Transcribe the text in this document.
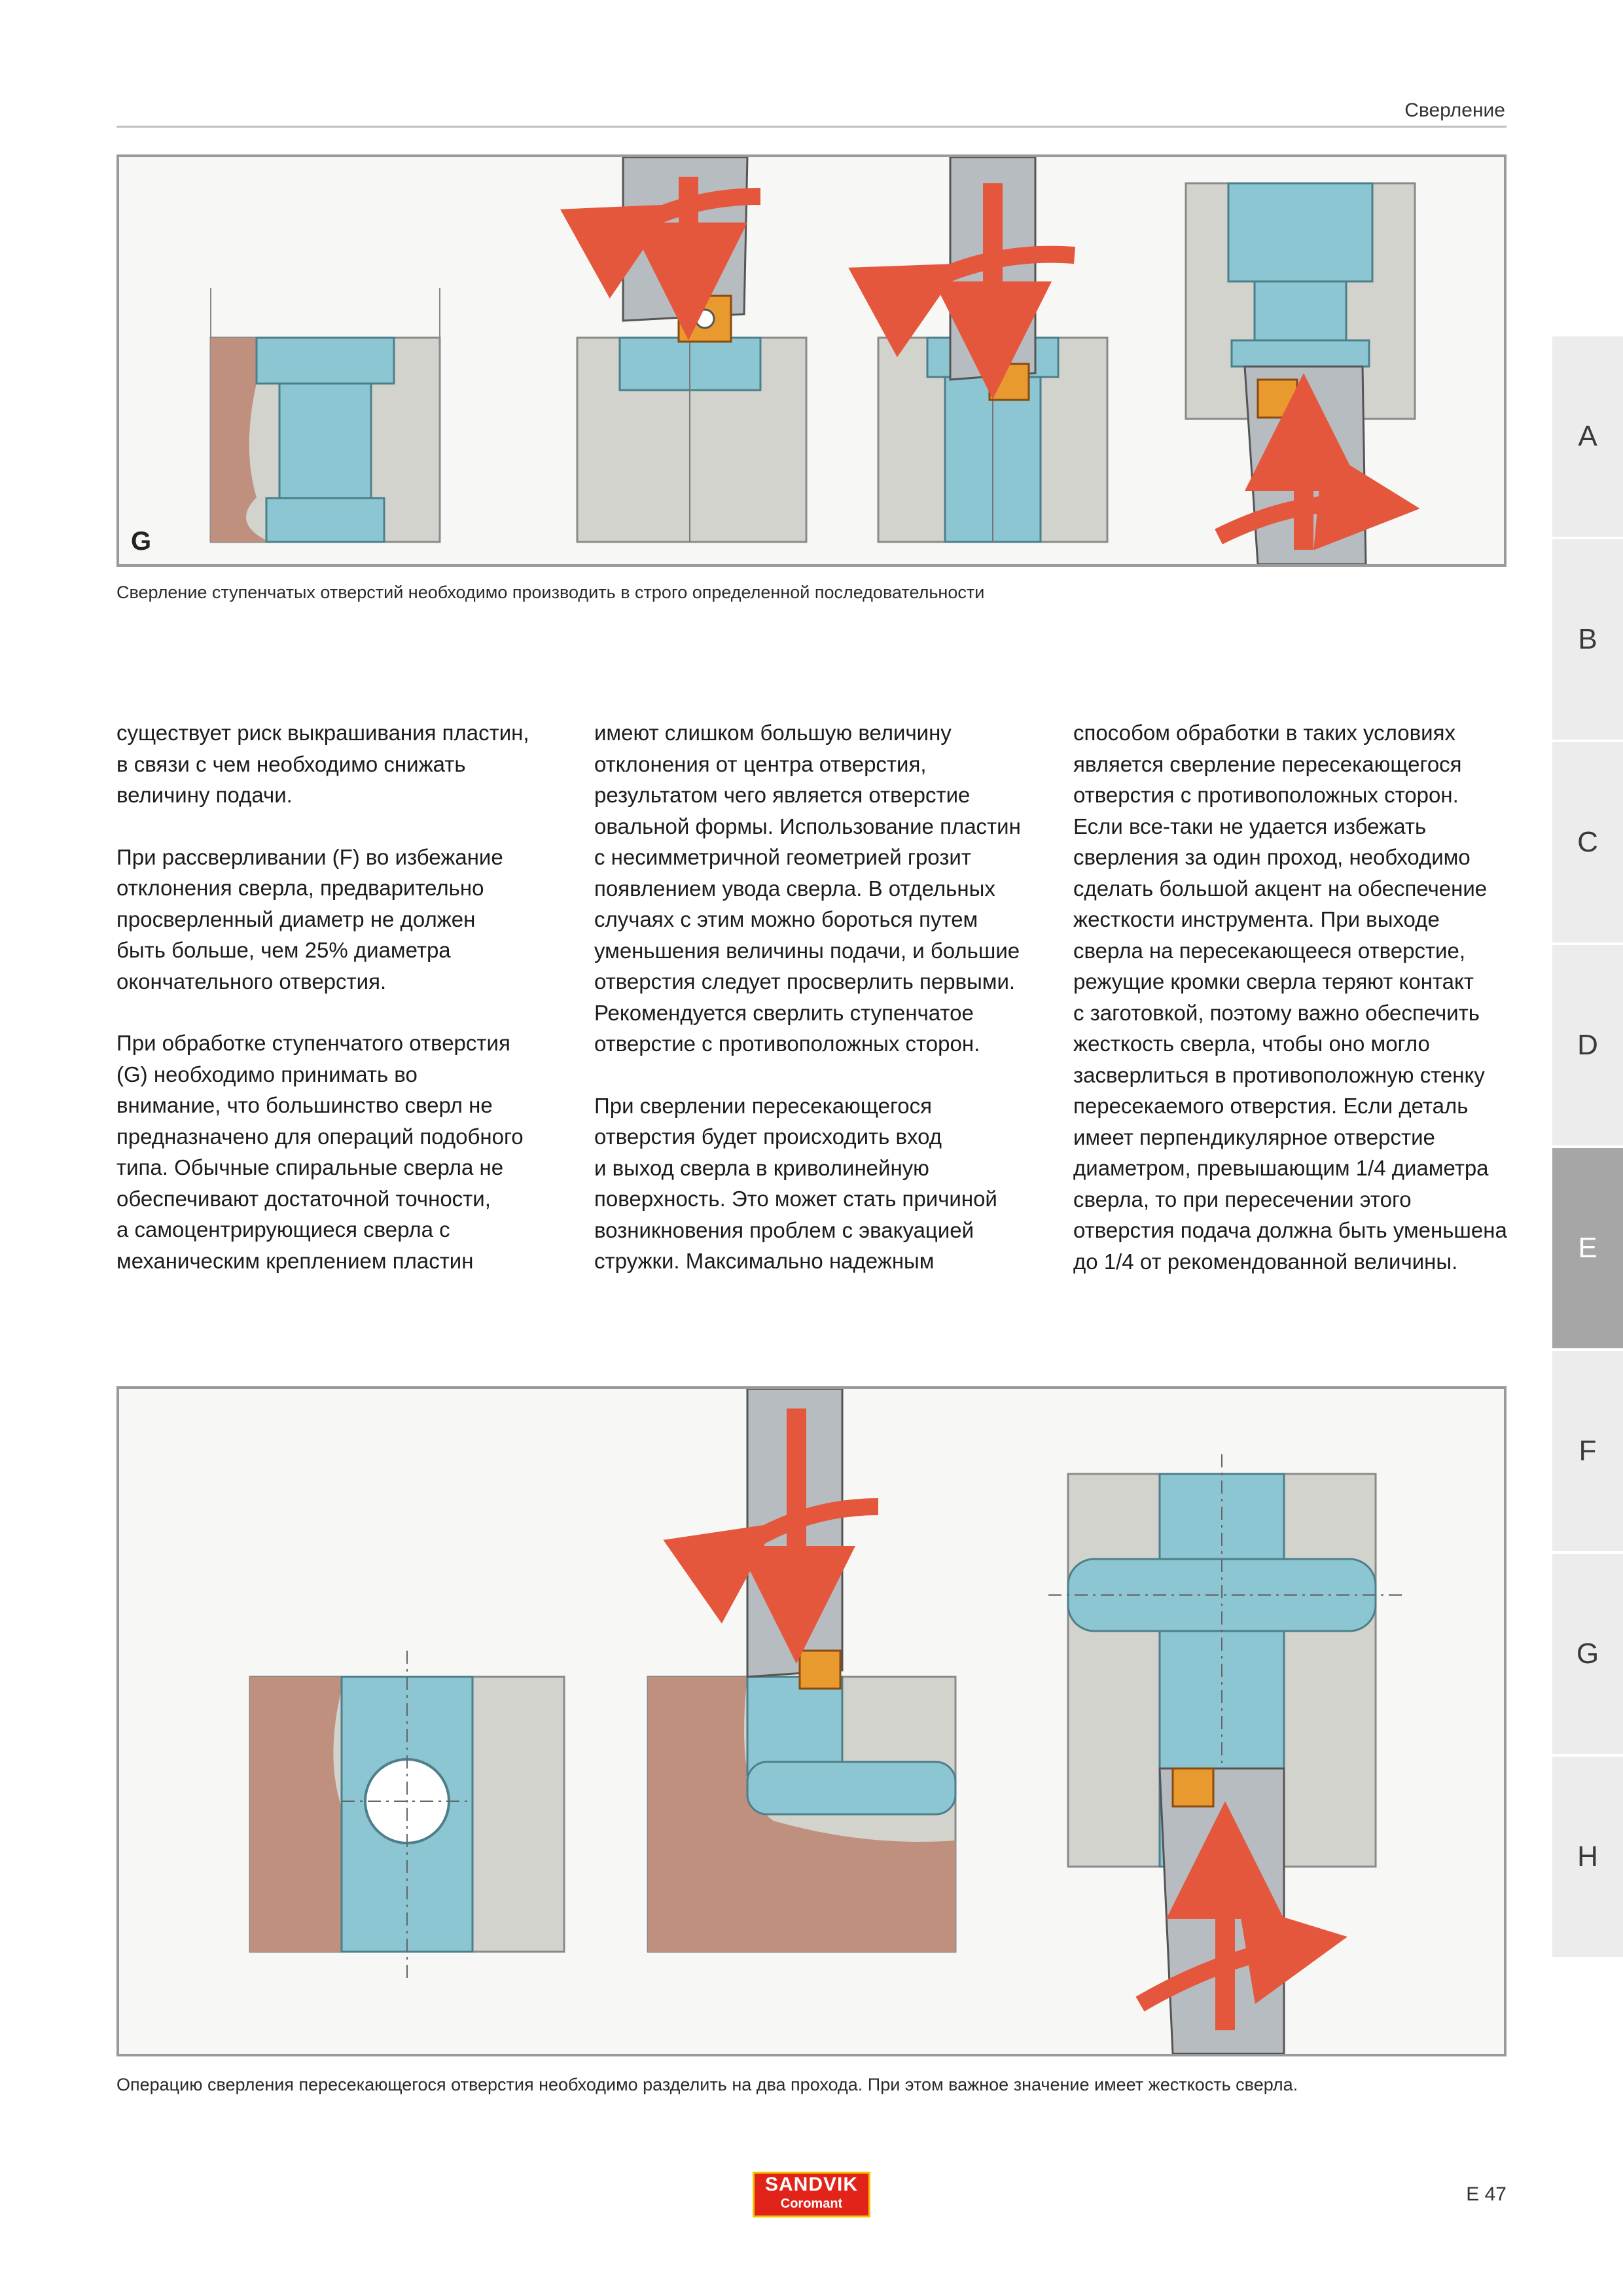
Сверление
G
Сверление ступенчатых отверстий необходимо производить в строго определенной последовательности

существует риск выкрашивания пластин,
в связи с чем необходимо снижать
величину подачи.

При рассверливании (F) во избежание
отклонения сверла, предварительно
просверленный диаметр не должен
быть больше, чем 25% диаметра
окончательного отверстия.

При обработке ступенчатого отверстия
(G) необходимо принимать во
внимание, что большинство сверл не
предназначено для операций подобного
типа. Обычные спиральные сверла не
обеспечивают достаточной точности,
а самоцентрирующиеся сверла с
механическим креплением пластин

имеют слишком большую величину
отклонения от центра отверстия,
результатом чего является отверстие
овальной формы. Использование пластин
с несимметричной геометрией грозит
появлением увода сверла. В отдельных
случаях с этим можно бороться путем
уменьшения величины подачи, и большие
отверстия следует просверлить первыми.
Рекомендуется сверлить ступенчатое
отверстие с противоположных сторон.

При сверлении пересекающегося
отверстия будет происходить вход
и выход сверла в криволинейную
поверхность. Это может стать причиной
возникновения проблем с эвакуацией
стружки. Максимально надежным

способом обработки в таких условиях
является сверление пересекающегося
отверстия с противоположных сторон.
Если все-таки не удается избежать
сверления за один проход, необходимо
сделать большой акцент на обеспечение
жесткости инструмента. При выходе
сверла на пересекающееся отверстие,
режущие кромки сверла теряют контакт
с заготовкой, поэтому важно обеспечить
жесткость сверла, чтобы оно могло
засверлиться в противоположную стенку
пересекаемого отверстия. Если деталь
имеет перпендикулярное отверстие
диаметром, превышающим 1/4 диаметра
сверла, то при пересечении этого
отверстия подача должна быть уменьшена
до 1/4 от рекомендованной величины.

Операцию сверления пересекающегося отверстия необходимо разделить на два прохода. При этом важное значение имеет жесткость сверла.
A
B
C
D
E
F
G
H
SANDVIK
Coromant	E 47
